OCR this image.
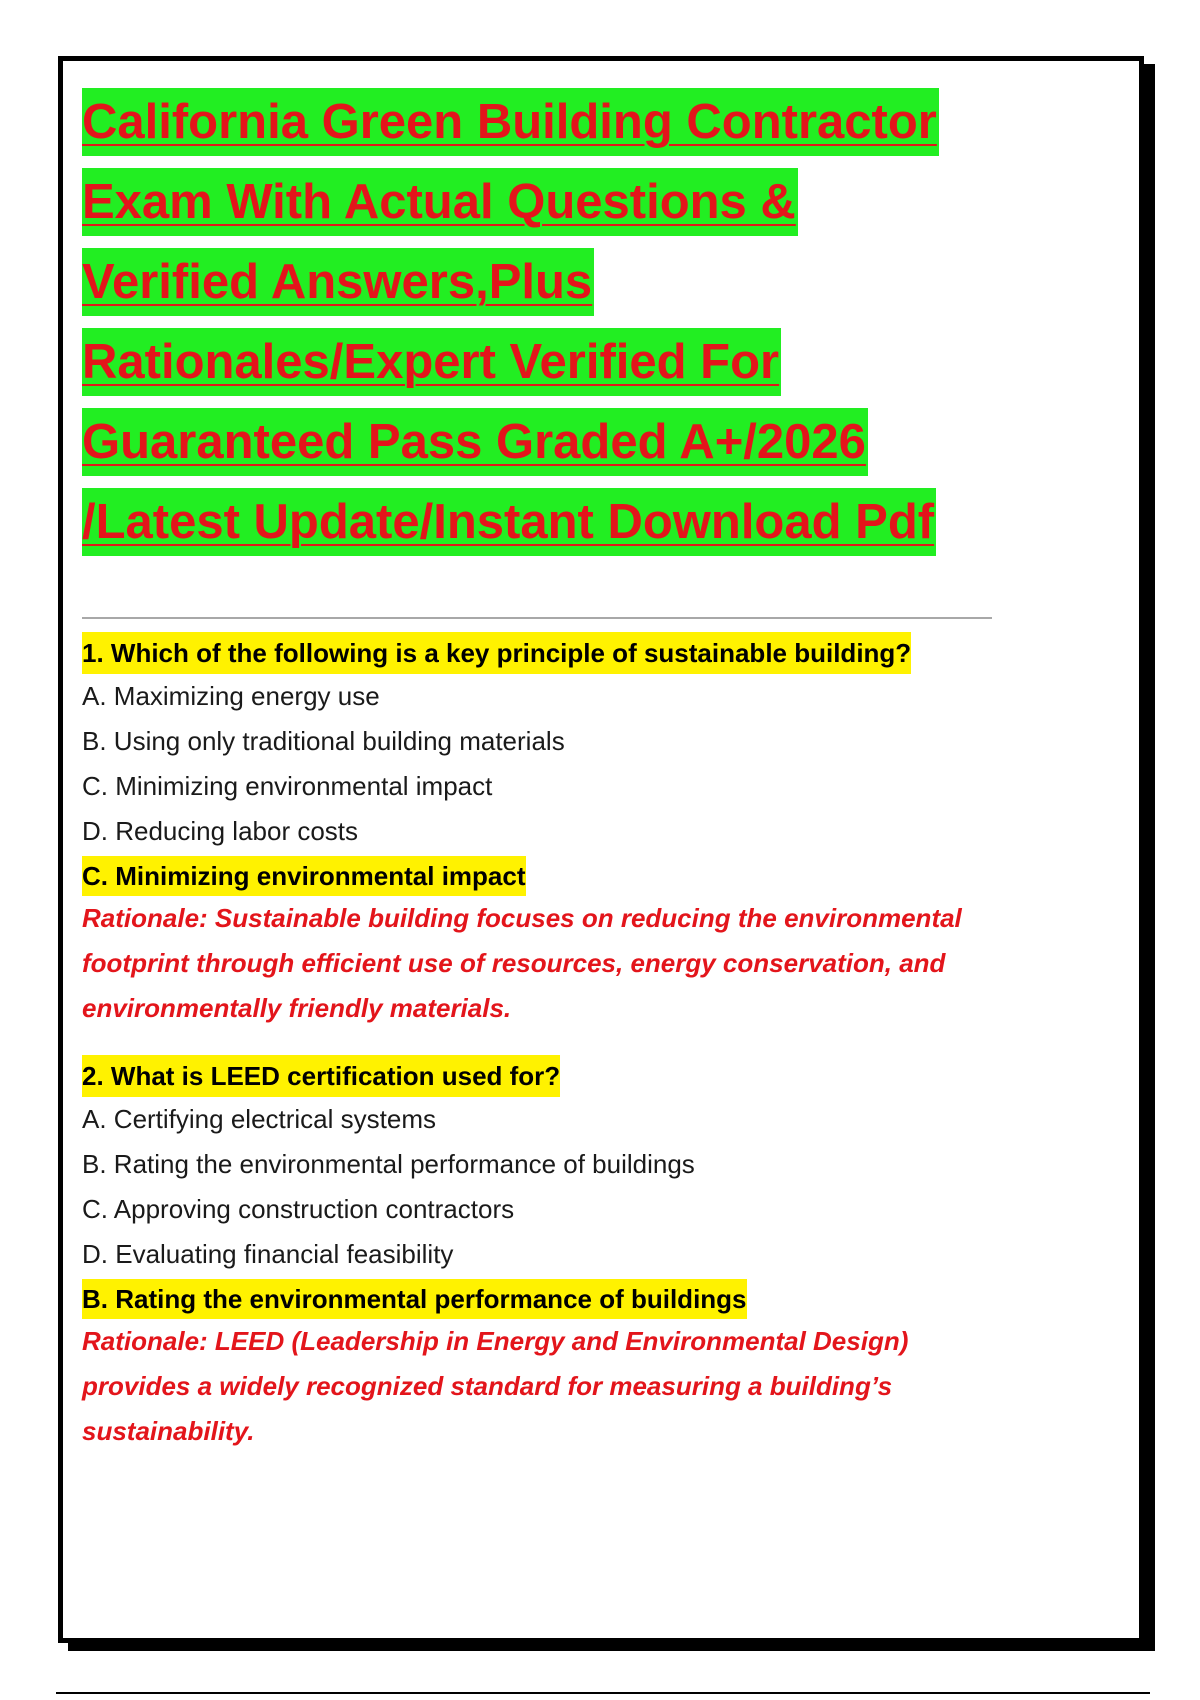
California Green Building Contractor
Exam With Actual Questions &
Verified Answers,Plus
Rationales/Expert Verified For
Guaranteed Pass Graded A+/2026
/Latest Update/Instant Download Pdf
1. Which of the following is a key principle of sustainable building?
A. Maximizing energy use
B. Using only traditional building materials
C. Minimizing environmental impact
D. Reducing labor costs
C. Minimizing environmental impact
Rationale: Sustainable building focuses on reducing the environmental footprint through efficient use of resources, energy conservation, and environmentally friendly materials.
2. What is LEED certification used for?
A. Certifying electrical systems
B. Rating the environmental performance of buildings
C. Approving construction contractors
D. Evaluating financial feasibility
B. Rating the environmental performance of buildings
Rationale: LEED (Leadership in Energy and Environmental Design) provides a widely recognized standard for measuring a building’s sustainability.
